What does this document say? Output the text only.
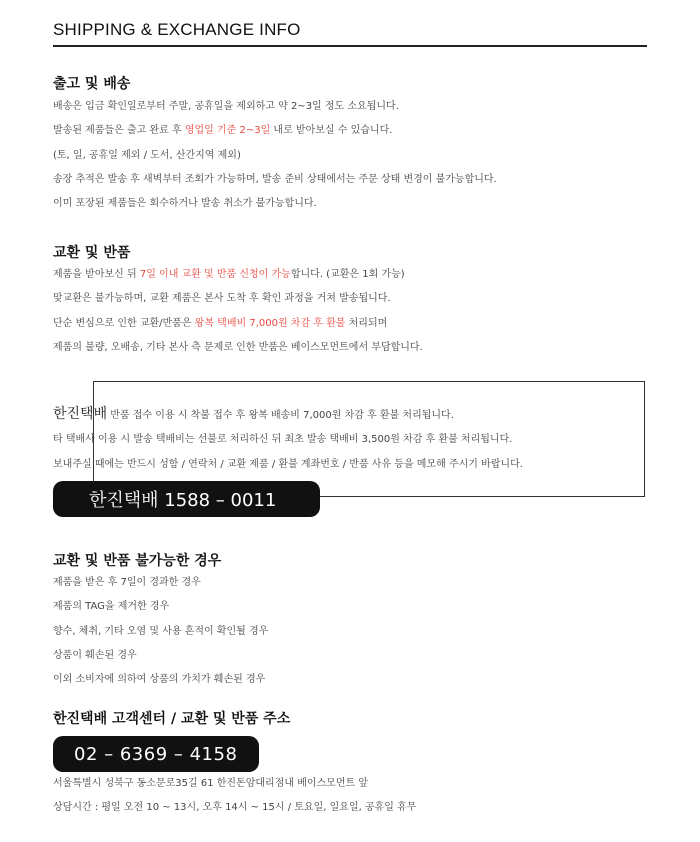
SHIPPING & EXCHANGE INFO
출고 및 배송
배송은 입금 확인일로부터 주말, 공휴일을 제외하고 약 2~3일 정도 소요됩니다.
발송된 제품들은 출고 완료 후 영업일 기준 2~3일 내로 받아보실 수 있습니다.
(토, 일, 공휴일 제외 / 도서, 산간지역 제외)
송장 추적은 발송 후 새벽부터 조회가 가능하며, 발송 준비 상태에서는 주문 상태 변경이 불가능합니다.
이미 포장된 제품들은 회수하거나 발송 취소가 불가능합니다.
교환 및 반품
제품을 받아보신 뒤 7일 이내 교환 및 반품 신청이 가능합니다. (교환은 1회 가능)
맞교환은 불가능하며, 교환 제품은 본사 도착 후 확인 과정을 거쳐 발송됩니다.
단순 변심으로 인한 교환/반품은 왕복 택배비 7,000원 차감 후 환불 처리되며
제품의 불량, 오배송, 기타 본사 측 문제로 인한 반품은 베이스모먼트에서 부담합니다.
한진택배 반품 접수 이용 시 착불 접수 후 왕복 배송비 7,000원 차감 후 환불 처리됩니다.
타 택배사 이용 시 발송 택배비는 선불로 처리하신 뒤 최초 발송 택배비 3,500원 차감 후 환불 처리됩니다.
보내주실 때에는 반드시 성함 / 연락처 / 교환 제품 / 환불 계좌번호 / 반품 사유 등을 메모해 주시기 바랍니다.
한진택배 1588 – 0011
교환 및 반품 불가능한 경우
제품을 받은 후 7일이 경과한 경우
제품의 TAG을 제거한 경우
향수, 체취, 기타 오염 및 사용 흔적이 확인될 경우
상품이 훼손된 경우
이외 소비자에 의하여 상품의 가치가 훼손된 경우
한진택배 고객센터 / 교환 및 반품 주소
02 – 6369 – 4158
서울특별시 성북구 동소문로35길 61 한진돈암대리점내 베이스모먼트 앞
상담시간 : 평일 오전 10 ~ 13시, 오후 14시 ~ 15시 / 토요일, 일요일, 공휴일 휴무
